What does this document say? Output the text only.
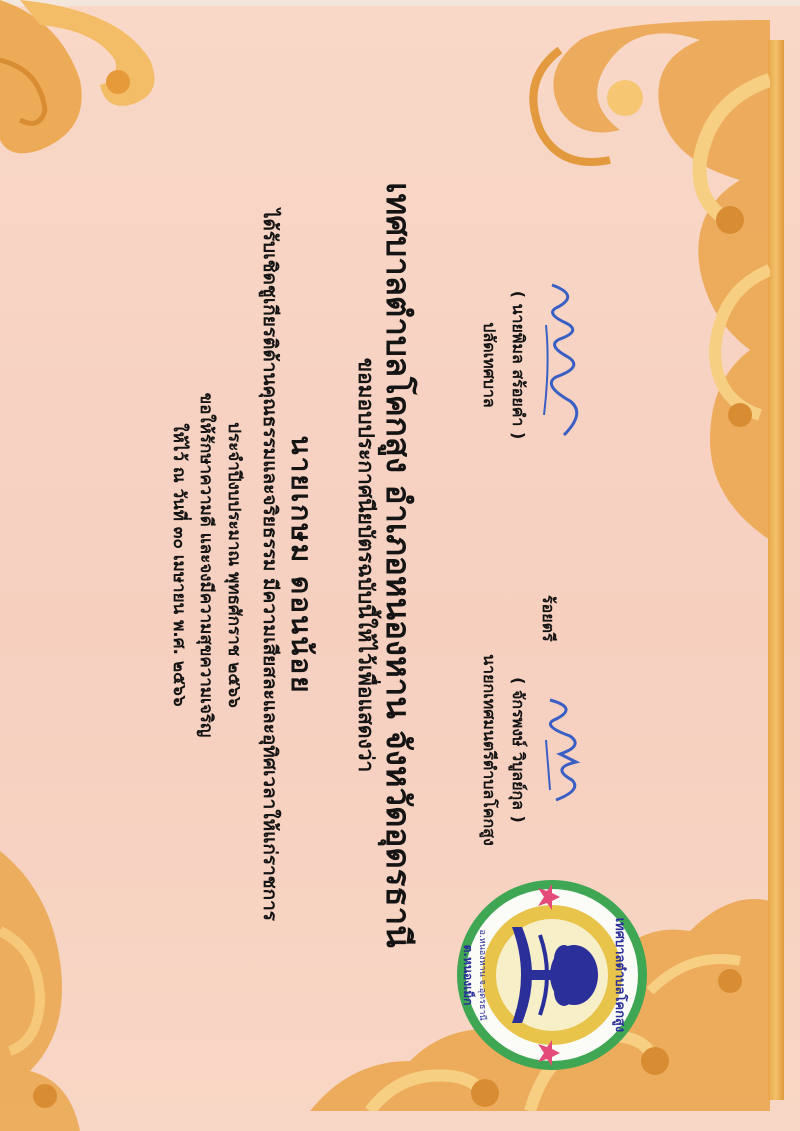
เทศบาลตำบลโคกสูง
ต.หนองเม็ก อ.หนองหาน จ.อุดรธานี
เทศบาลตำบลโคกสูง อำเภอหนองหาน จังหวัดอุดรธานี
ขอมอบประกาศนียบัตรฉบับนี้ให้ไว้เพื่อแสดงว่า
นายเกษม ดอนน้อย
ได้รับเชิดชูเกียรติด้านคุณธรรมและจริยธรรม มีความเสียสละและอุทิศเวลาให้แก่ราชการ
ประจำปีงบประมาณ พุทธศักราช ๒๕๖๖
ขอให้รักษาความดี และจงมีความสุขความเจริญ
ให้ไว้ ณ วันที่ ๓๐ เมษายน พ.ศ. ๒๕๖๖
( นายพิมล สร้อยคำ )
ปลัดเทศบาล
ร้อยตรี
( จักรพงษ์ วิบูลย์กุล )
นายกเทศมนตรีตำบลโคกสูง
